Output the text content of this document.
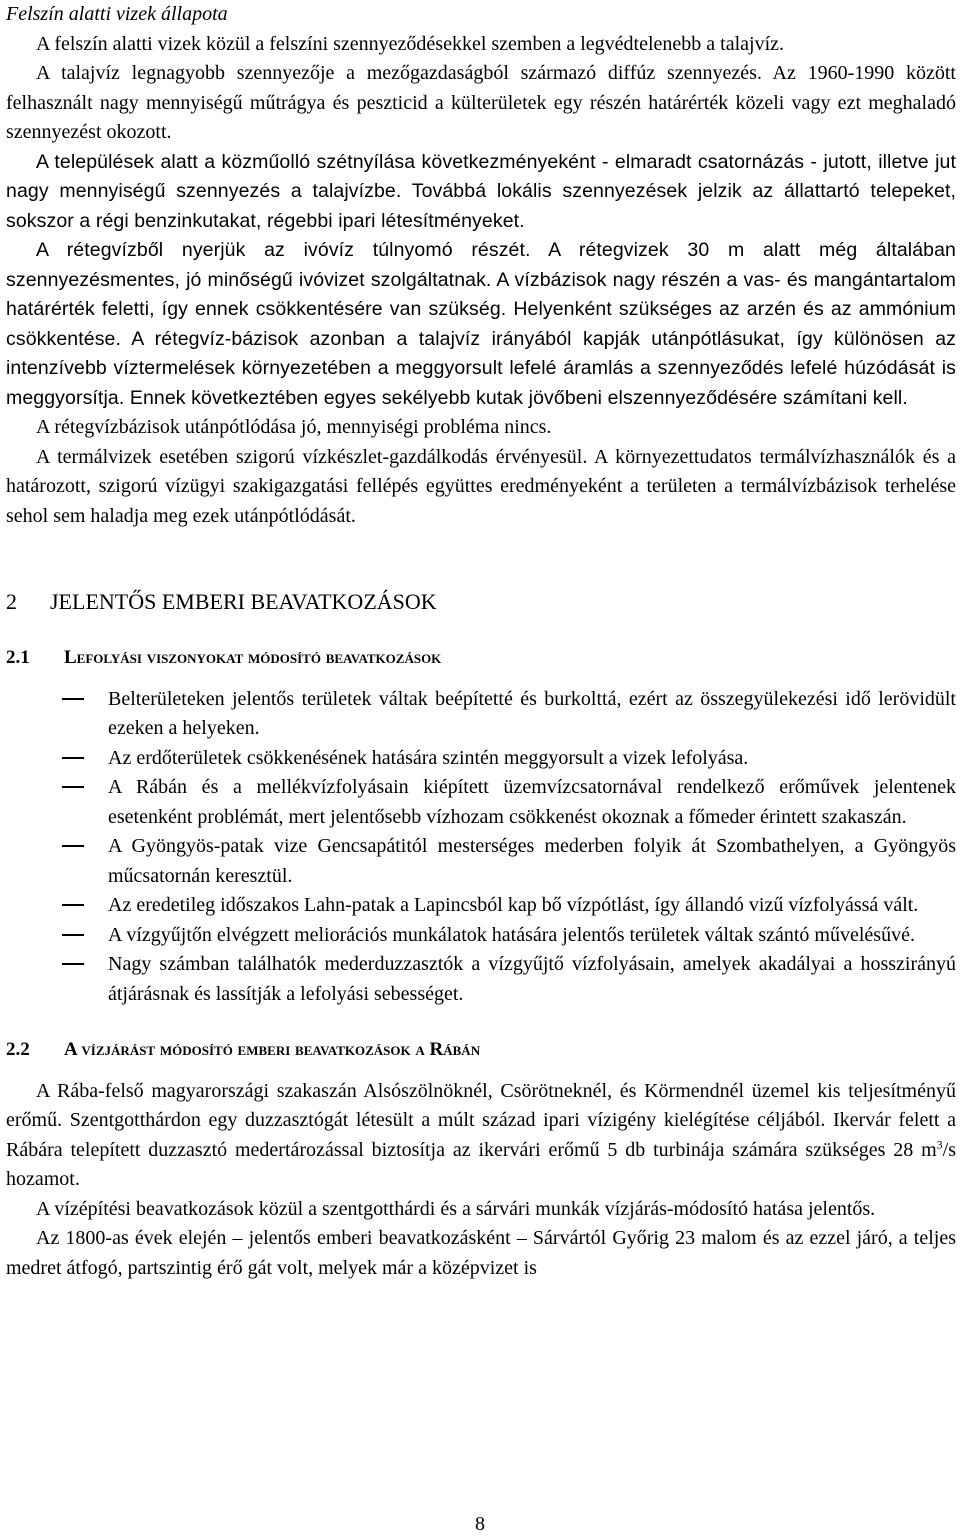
Felszín alatti vizek állapota

A felszín alatti vizek közül a felszíni szennyeződésekkel szemben a legvédtelenebb a talajvíz.

A talajvíz legnagyobb szennyezője a mezőgazdaságból származó diffúz szennyezés. Az 1960-1990 között felhasznált nagy mennyiségű műtrágya és peszticid a külterületek egy részén határérték közeli vagy ezt meghaladó szennyezést okozott.

A települések alatt a közműolló szétnyílása következményeként - elmaradt csatornázás - jutott, illetve jut nagy mennyiségű szennyezés a talajvízbe. Továbbá lokális szennyezések jelzik az állattartó telepeket, sokszor a régi benzinkutakat, régebbi ipari létesítményeket.

A rétegvízből nyerjük az ivóvíz túlnyomó részét. A rétegvizek 30 m alatt még általában szennyezésmentes, jó minőségű ivóvizet szolgáltatnak. A vízbázisok nagy részén a vas- és mangántartalom határérték feletti, így ennek csökkentésére van szükség. Helyenként szükséges az arzén és az ammónium csökkentése. A rétegvíz-bázisok azonban a talajvíz irányából kapják utánpótlásukat, így különösen az intenzívebb víztermelések környezetében a meggyorsult lefelé áramlás a szennyeződés lefelé húzódását is meggyorsítja. Ennek következtében egyes sekélyebb kutak jövőbeni elszennyeződésére számítani kell.

A rétegvízbázisok utánpótlódása jó, mennyiségi probléma nincs.

A termálvizek esetében szigorú vízkészlet-gazdálkodás érvényesül. A környezettudatos termálvízhasználók és a határozott, szigorú vízügyi szakigazgatási fellépés együttes eredményeként a területen a termálvízbázisok terhelése sehol sem haladja meg ezek utánpótlódását.

2	JELENTŐS EMBERI BEAVATKOZÁSOK
2.1	Lefolyási viszonyokat módosító beavatkozások
Belterületeken jelentős területek váltak beépítetté és burkolttá, ezért az összegyülekezési idő lerövidült ezeken a helyeken.
Az erdőterületek csökkenésének hatására szintén meggyorsult a vizek lefolyása.
A Rábán és a mellékvízfolyásain kiépített üzemvízcsatornával rendelkező erőművek jelentenek esetenként problémát, mert jelentősebb vízhozam csökkenést okoznak a főmeder érintett szakaszán.
A Gyöngyös-patak vize Gencsapátitól mesterséges mederben folyik át Szombathelyen, a Gyöngyös műcsatornán keresztül.
Az eredetileg időszakos Lahn-patak a Lapincsból kap bő vízpótlást, így állandó vizű vízfolyássá vált.
A vízgyűjtőn elvégzett meliorációs munkálatok hatására jelentős területek váltak szántó művelésűvé.
Nagy számban találhatók mederduzzasztók a vízgyűjtő vízfolyásain, amelyek akadályai a hosszirányú átjárásnak és lassítják a lefolyási sebességet.
2.2	A vízjárást módosító emberi beavatkozások a Rábán

A Rába-felső magyarországi szakaszán Alsószölnöknél, Csörötneknél, és Körmendnél üzemel kis teljesítményű erőmű. Szentgotthárdon egy duzzasztógát létesült a múlt század ipari vízigény kielégítése céljából. Ikervár felett a Rábára telepített duzzasztó medertározással biztosítja az ikervári erőmű 5 db turbinája számára szükséges 28 $m^3/s$ hozamot.

A vízépítési beavatkozások közül a szentgotthárdi és a sárvári munkák vízjárás-módosító hatása jelentős.

Az 1800-as évek elején – jelentős emberi beavatkozásként – Sárvártól Győrig 23 malom és az ezzel járó, a teljes medret átfogó, partszintig érő gát volt, melyek már a középvizet is

8
